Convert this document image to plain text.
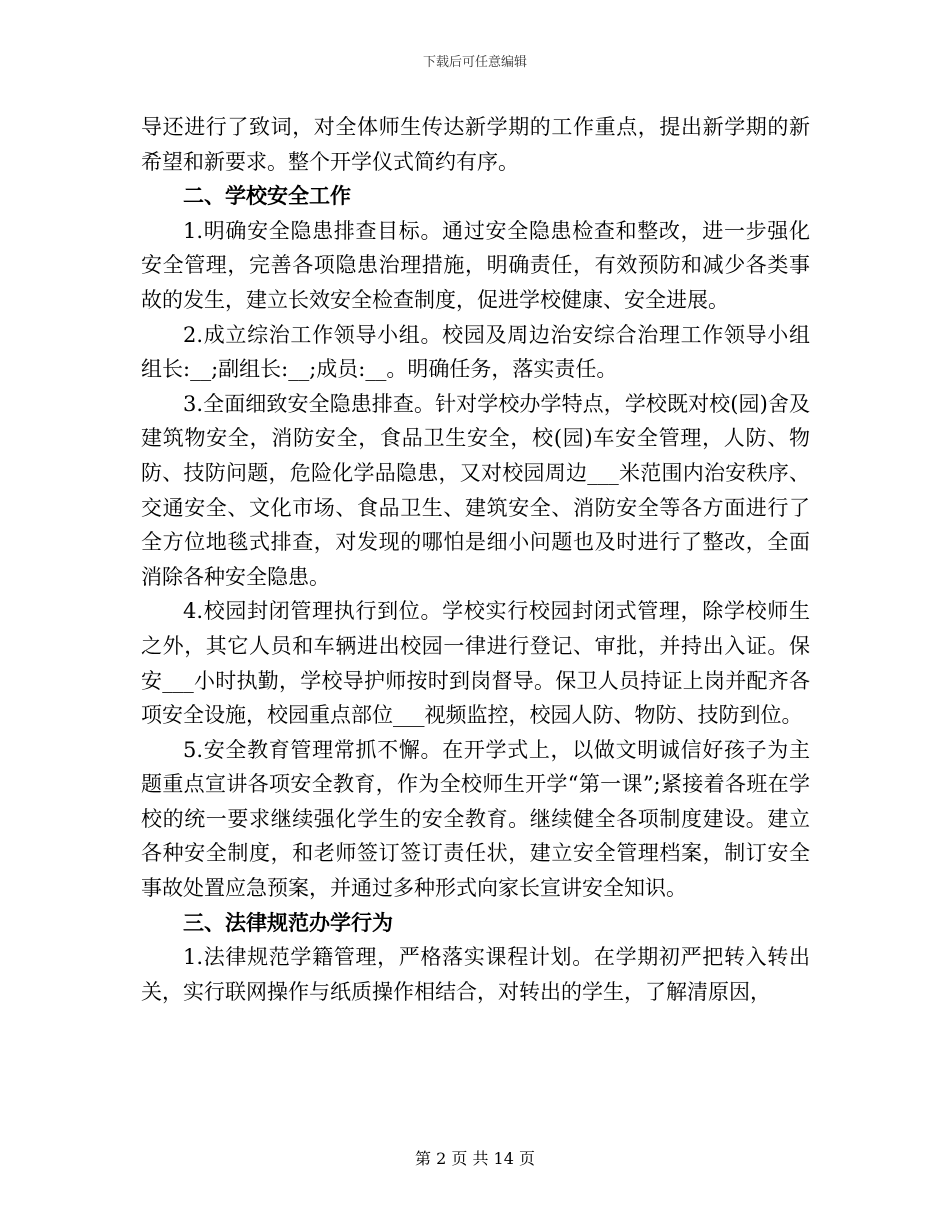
下载后可任意编辑

导还进行了致词，对全体师生传达新学期的工作重点，提出新学期的新希望和新要求。整个开学仪式简约有序。

二、学校安全工作

1.明确安全隐患排查目标。通过安全隐患检查和整改，进一步强化安全管理，完善各项隐患治理措施，明确责任，有效预防和减少各类事故的发生，建立长效安全检查制度，促进学校健康、安全进展。

2.成立综治工作领导小组。校园及周边治安综合治理工作领导小组组长:__;副组长:__;成员:__。明确任务，落实责任。

3.全面细致安全隐患排查。针对学校办学特点，学校既对校(园)舍及建筑物安全，消防安全，食品卫生安全，校(园)车安全管理，人防、物防、技防问题，危险化学品隐患，又对校园周边___米范围内治安秩序、交通安全、文化市场、食品卫生、建筑安全、消防安全等各方面进行了全方位地毯式排查，对发现的哪怕是细小问题也及时进行了整改，全面消除各种安全隐患。

4.校园封闭管理执行到位。学校实行校园封闭式管理，除学校师生之外，其它人员和车辆进出校园一律进行登记、审批，并持出入证。保安___小时执勤，学校导护师按时到岗督导。保卫人员持证上岗并配齐各项安全设施，校园重点部位___视频监控，校园人防、物防、技防到位。

5.安全教育管理常抓不懈。在开学式上，以做文明诚信好孩子为主题重点宣讲各项安全教育，作为全校师生开学“第一课”;紧接着各班在学校的统一要求继续强化学生的安全教育。继续健全各项制度建设。建立各种安全制度，和老师签订签订责任状，建立安全管理档案，制订安全事故处置应急预案，并通过多种形式向家长宣讲安全知识。

三、法律规范办学行为

1.法律规范学籍管理，严格落实课程计划。在学期初严把转入转出关，实行联网操作与纸质操作相结合，对转出的学生，了解清原因，

第 2 页 共 14 页
